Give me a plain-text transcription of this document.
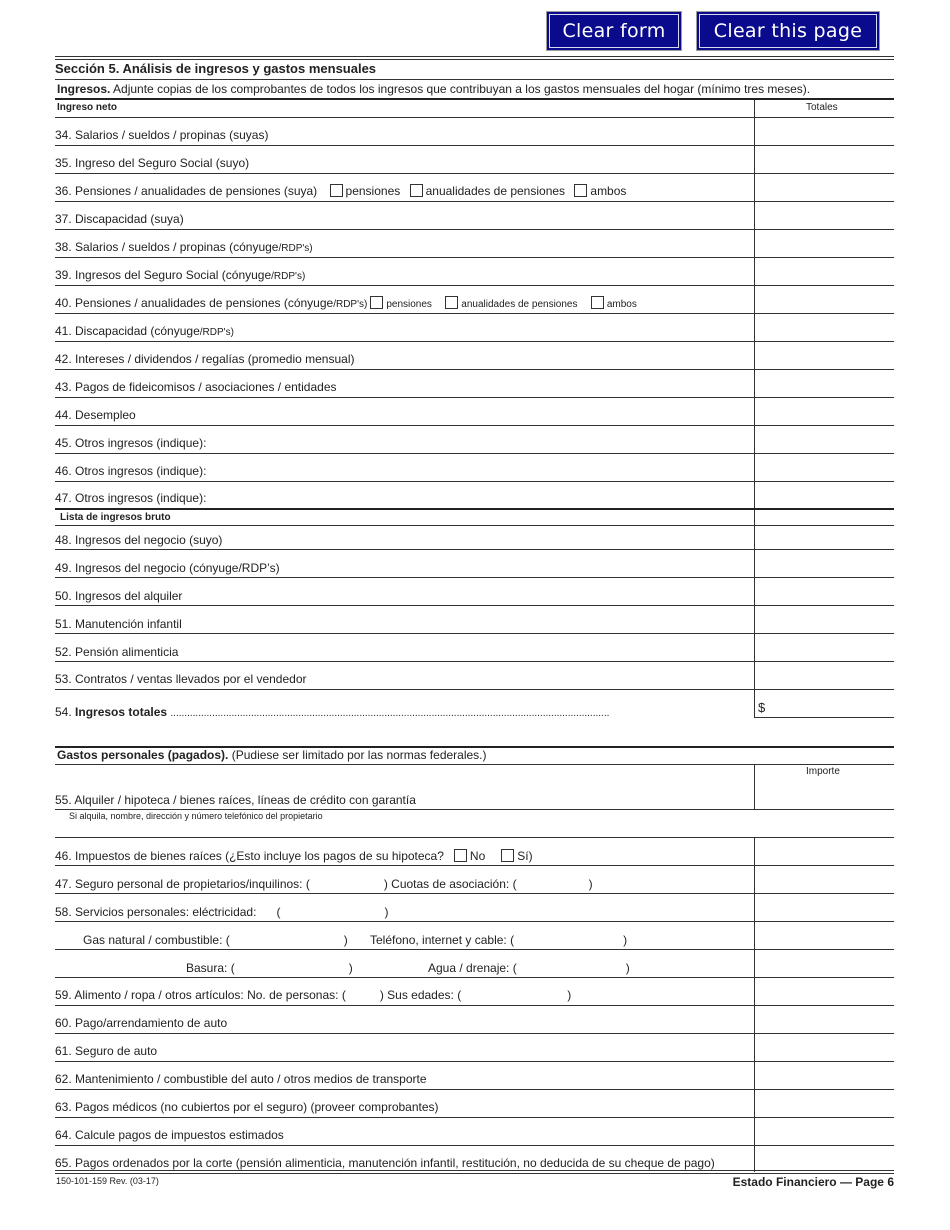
Clear form	Clear this page
Sección 5. Análisis de ingresos y gastos mensuales
Ingresos. Adjunte copias de los comprobantes de todos los ingresos que contribuyan a los gastos mensuales del hogar (mínimo tres meses).
Ingreso neto	Totales
34. Salarios / sueldos / propinas (suyas)
35. Ingreso del Seguro Social (suyo)
36. Pensiones / anualidades de pensiones (suya) pensiones anualidades de pensiones ambos
37. Discapacidad (suya)
38. Salarios / sueldos / propinas (cónyuge/RDP's)
39. Ingresos del Seguro Social (cónyuge/RDP's)
40. Pensiones / anualidades de pensiones (cónyuge/RDP's) pensiones	anualidades de pensiones	ambos
41. Discapacidad (cónyuge/RDP's)
42. Intereses / dividendos / regalías (promedio mensual)
43. Pagos de fideicomisos / asociaciones / entidades
44. Desempleo
45. Otros ingresos (indique):
46. Otros ingresos (indique):
47. Otros ingresos (indique):
Lista de ingresos bruto
48. Ingresos del negocio (suyo)
49. Ingresos del negocio (cónyuge/RDP’s)
50. Ingresos del alquiler
51. Manutención infantil
52. Pensión alimenticia
53. Contratos / ventas llevados por el vendedor
54. Ingresos totales ..............................................................................................................................................................	$
Gastos personales (pagados). (Pudiese ser limitado por las normas federales.)
Importe
55. Alquiler / hipoteca / bienes raíces, líneas de crédito con garantía
Si alquila, nombre, dirección y número telefónico del propietario
46. Impuestos de bienes raíces (¿Esto incluye los pagos de su hipoteca? No	Sí)
47. Seguro personal de propietarios/inquilinos: (	) Cuotas de asociación: (	)
58. Servicios personales: eléctricidad: (	)
Gas natural / combustible: (	) Teléfono, internet y cable: (	)
Basura: (	)	Agua / drenaje: (	)
59. Alimento / ropa / otros artículos: No. de personas: (	) Sus edades: (	)
60. Pago/arrendamiento de auto
61. Seguro de auto
62. Mantenimiento / combustible del auto / otros medios de transporte
63. Pagos médicos (no cubiertos por el seguro) (proveer comprobantes)
64. Calcule pagos de impuestos estimados
65. Pagos ordenados por la corte (pensión alimenticia, manutención infantil, restitución, no deducida de su cheque de pago)
150-101-159 Rev. (03-17)	Estado Financiero — Page 6
